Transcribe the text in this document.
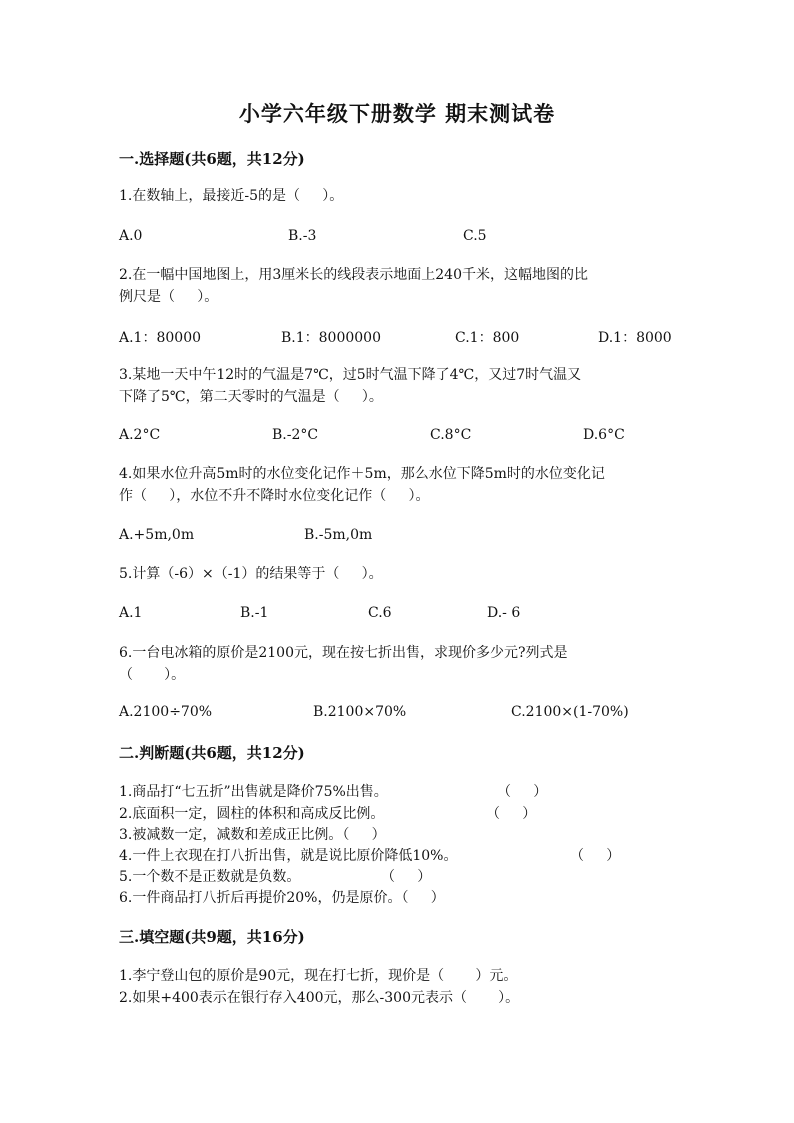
小学六年级下册数学 期末测试卷
一.选择题(共6题，共12分)
1.在数轴上，最接近-5的是（     ）。
A.0	B.-3	C.5
2.在一幅中国地图上，用3厘米长的线段表示地面上240千米，这幅地图的比
例尺是（     ）。
A.1：80000	B.1：8000000	C.1：800	D.1：8000
3.某地一天中午12时的气温是7℃，过5时气温下降了4℃，又过7时气温又
下降了5℃，第二天零时的气温是（     ）。
A.2°C	B.-2°C	C.8°C	D.6°C
4.如果水位升高5m时的水位变化记作＋5m，那么水位下降5m时的水位变化记
作（     ），水位不升不降时水位变化记作（     ）。
A.+5m,0m	B.-5m,0m
5.计算（-6）×（-1）的结果等于（     ）。
A.1	B.-1	C.6	D.- 6
6.一台电冰箱的原价是2100元，现在按七折出售，求现价多少元?列式是
（       ）。
A.2100÷70%	B.2100×70%	C.2100×(1-70%)
二.判断题(共6题，共12分)
1.商品打“七五折”出售就是降价75%出售。	（     ）
2.底面积一定，圆柱的体积和高成反比例。	（     ）
3.被减数一定，减数和差成正比例。（     ）
4.一件上衣现在打八折出售，就是说比原价降低10%。	（     ）
5.一个数不是正数就是负数。	（     ）
6.一件商品打八折后再提价20%，仍是原价。（     ）
三.填空题(共9题，共16分)
1.李宁登山包的原价是90元，现在打七折，现价是（       ）元。
2.如果+400表示在银行存入400元，那么-300元表示（       ）。
